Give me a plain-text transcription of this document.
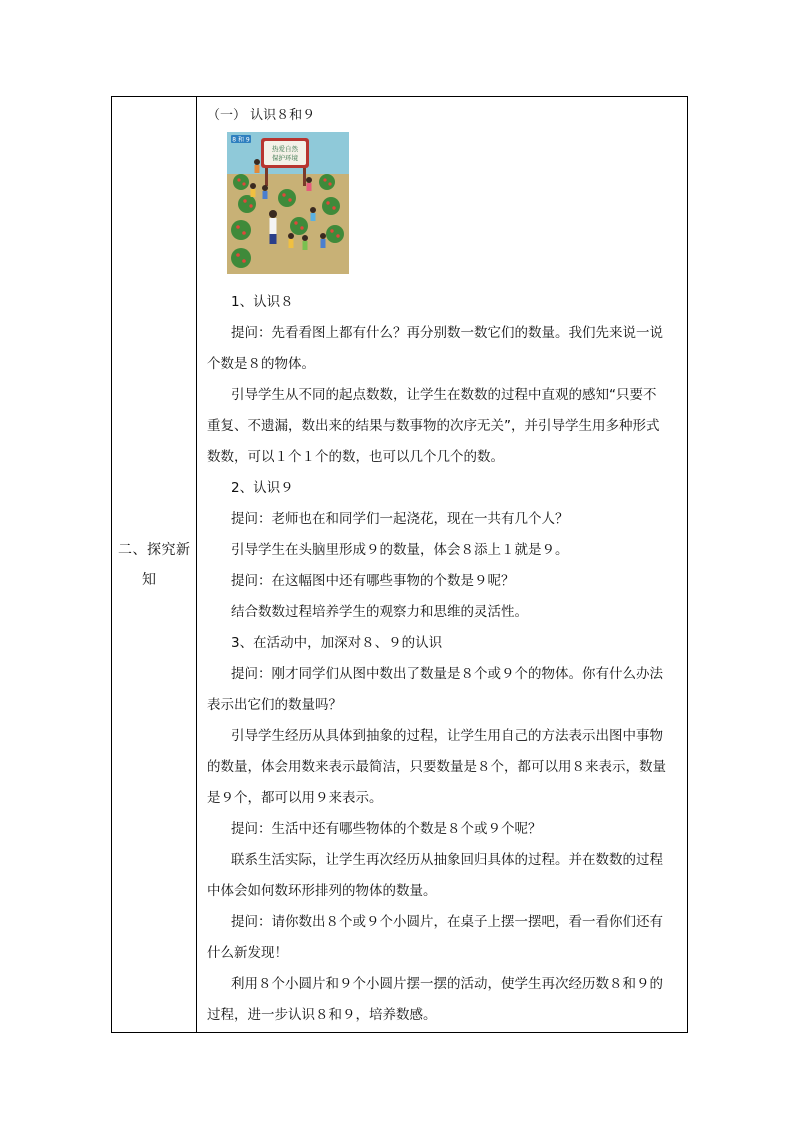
二、探究新
知
（一） 认识８和９
8 和 9
热爱自然
保护环境
1、认识８
提问：先看看图上都有什么？再分别数一数它们的数量。我们先来说一说
个数是８的物体。
引导学生从不同的起点数数，让学生在数数的过程中直观的感知“只要不
重复、不遗漏，数出来的结果与数事物的次序无关”，并引导学生用多种形式
数数，可以１个１个的数，也可以几个几个的数。
2、认识９
提问：老师也在和同学们一起浇花，现在一共有几个人？
引导学生在头脑里形成９的数量，体会８添上１就是９。
提问：在这幅图中还有哪些事物的个数是９呢？
结合数数过程培养学生的观察力和思维的灵活性。
3、在活动中，加深对８、９的认识
提问：刚才同学们从图中数出了数量是８个或９个的物体。你有什么办法
表示出它们的数量吗？
引导学生经历从具体到抽象的过程，让学生用自己的方法表示出图中事物
的数量，体会用数来表示最简洁，只要数量是８个，都可以用８来表示，数量
是９个，都可以用９来表示。
提问：生活中还有哪些物体的个数是８个或９个呢？
联系生活实际，让学生再次经历从抽象回归具体的过程。并在数数的过程
中体会如何数环形排列的物体的数量。
提问：请你数出８个或９个小圆片，在桌子上摆一摆吧，看一看你们还有
什么新发现！
利用８个小圆片和９个小圆片摆一摆的活动，使学生再次经历数８和９的
过程，进一步认识８和９，培养数感。
